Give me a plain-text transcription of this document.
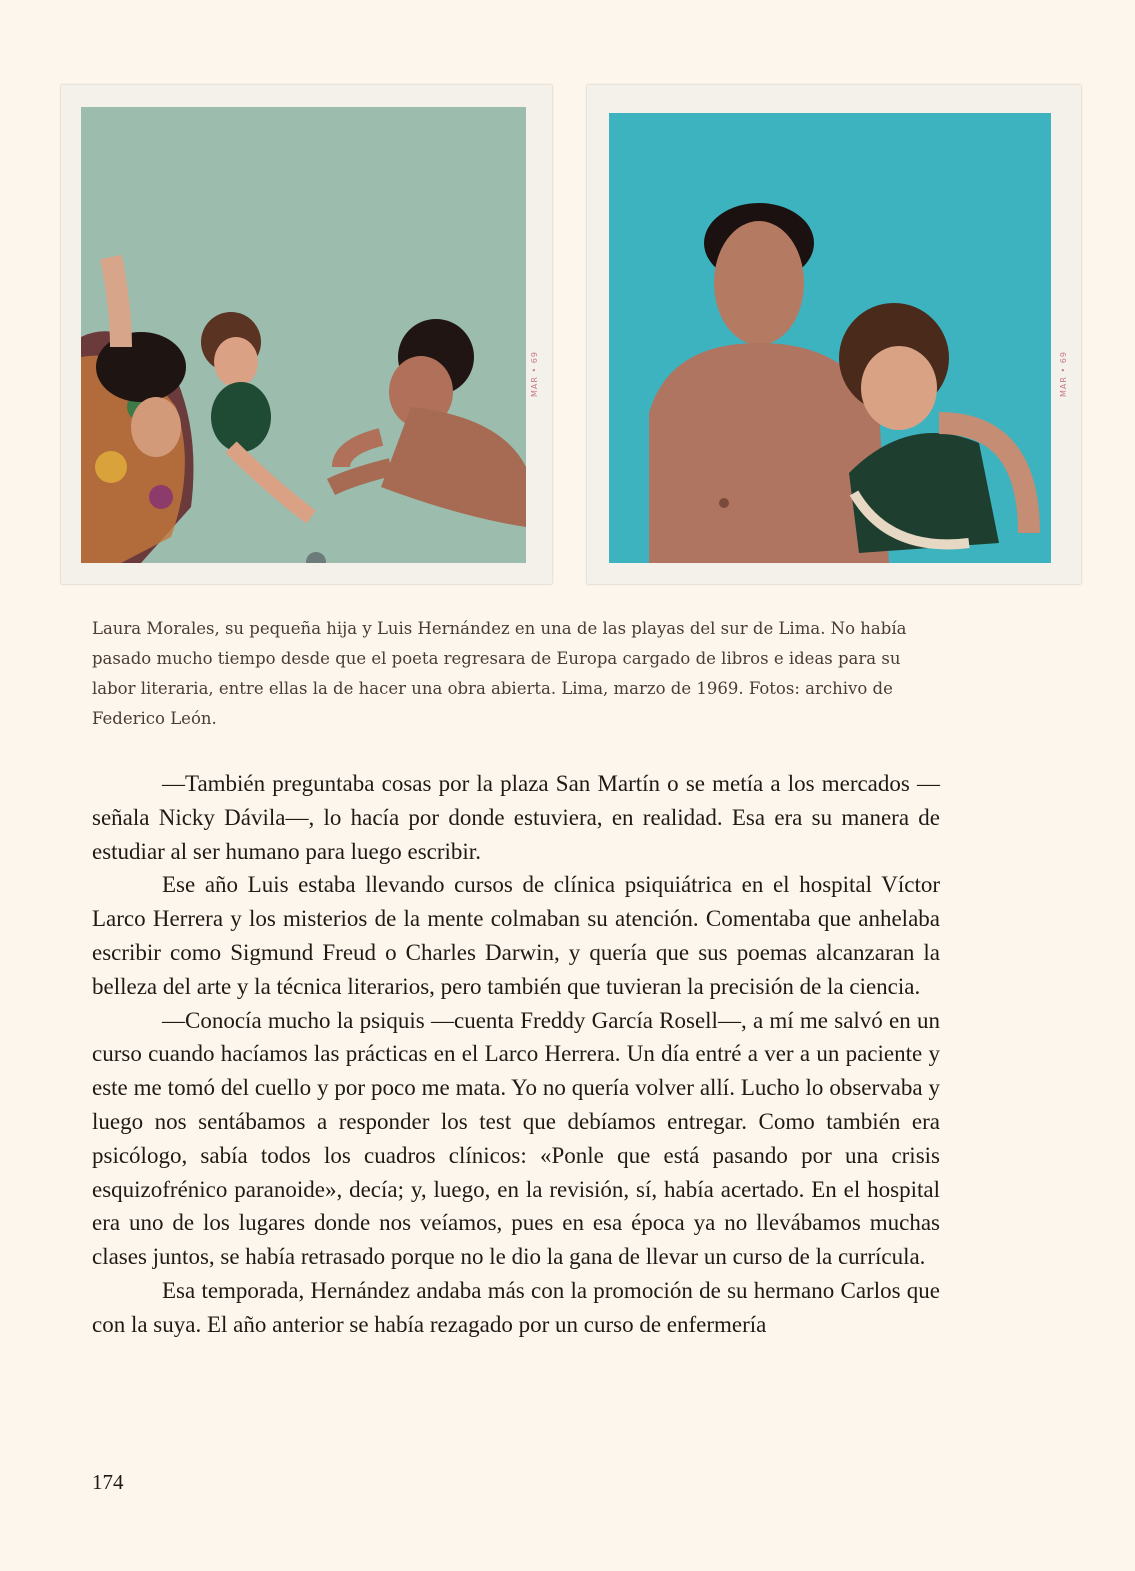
MAR • 69	MAR • 69
Laura Morales, su pequeña hija y Luis Hernández en una de las playas del sur de Lima. No había pasado mucho tiempo desde que el poeta regresara de Europa cargado de libros e ideas para su labor literaria, entre ellas la de hacer una obra abierta. Lima, marzo de 1969. Fotos: archivo de Federico León.

—También preguntaba cosas por la plaza San Martín o se metía a los mercados —señala Nicky Dávila—, lo hacía por donde estuviera, en realidad. Esa era su manera de estudiar al ser humano para luego escribir.

Ese año Luis estaba llevando cursos de clínica psiquiátrica en el hospital Víctor Larco Herrera y los misterios de la mente colmaban su atención. Comentaba que anhelaba escribir como Sigmund Freud o Charles Darwin, y quería que sus poemas alcanzaran la belleza del arte y la técnica literarios, pero también que tuvieran la precisión de la ciencia.

—Conocía mucho la psiquis —cuenta Freddy García Rosell—, a mí me salvó en un curso cuando hacíamos las prácticas en el Larco Herrera. Un día entré a ver a un paciente y este me tomó del cuello y por poco me mata. Yo no quería volver allí. Lucho lo observaba y luego nos sentábamos a responder los test que debíamos entregar. Como también era psicólogo, sabía todos los cuadros clínicos: «Ponle que está pasando por una crisis esquizofrénico paranoide», decía; y, luego, en la revisión, sí, había acertado. En el hospital era uno de los lugares donde nos veíamos, pues en esa época ya no llevábamos muchas clases juntos, se había retrasado porque no le dio la gana de llevar un curso de la currícula.

Esa temporada, Hernández andaba más con la promoción de su hermano Carlos que con la suya. El año anterior se había rezagado por un curso de enfermería

174
